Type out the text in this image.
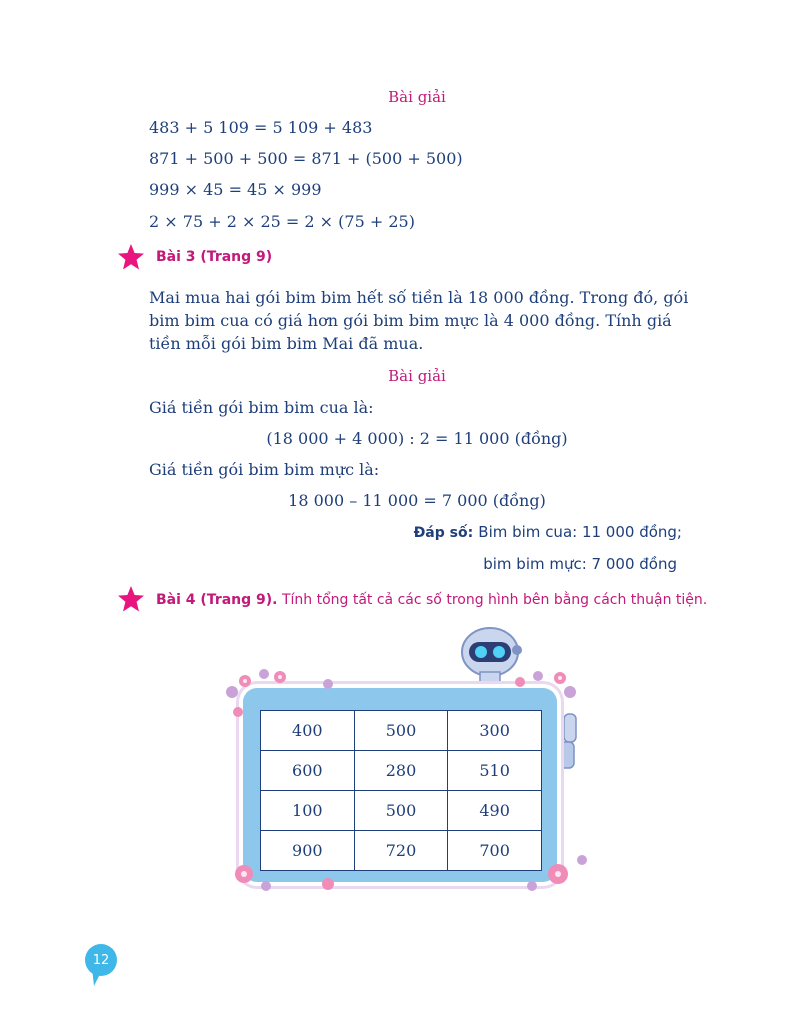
Bài giải
483 + 5 109 = 5 109 + 483
871 + 500 + 500 = 871 + (500 + 500)
999 × 45 = 45 × 999
2 × 75 + 2 × 25 = 2 × (75 + 25)
Bài 3 (Trang 9)
Mai mua hai gói bim bim hết số tiền là 18 000 đồng. Trong đó, gói bim bim cua có giá hơn gói bim bim mực là 4 000 đồng. Tính giá tiền mỗi gói bim bim Mai đã mua.
Bài giải
Giá tiền gói bim bim cua là:
(18 000 + 4 000) : 2 = 11 000 (đồng)
Giá tiền gói bim bim mực là:
18 000 – 11 000 = 7 000 (đồng)
Đáp số: Bim bim cua: 11 000 đồng;
bim bim mực: 7 000 đồng
Bài 4 (Trang 9). Tính tổng tất cả các số trong hình bên bằng cách thuận tiện.
400	500	300
600	280	510
100	500	490
900	720	700
12
